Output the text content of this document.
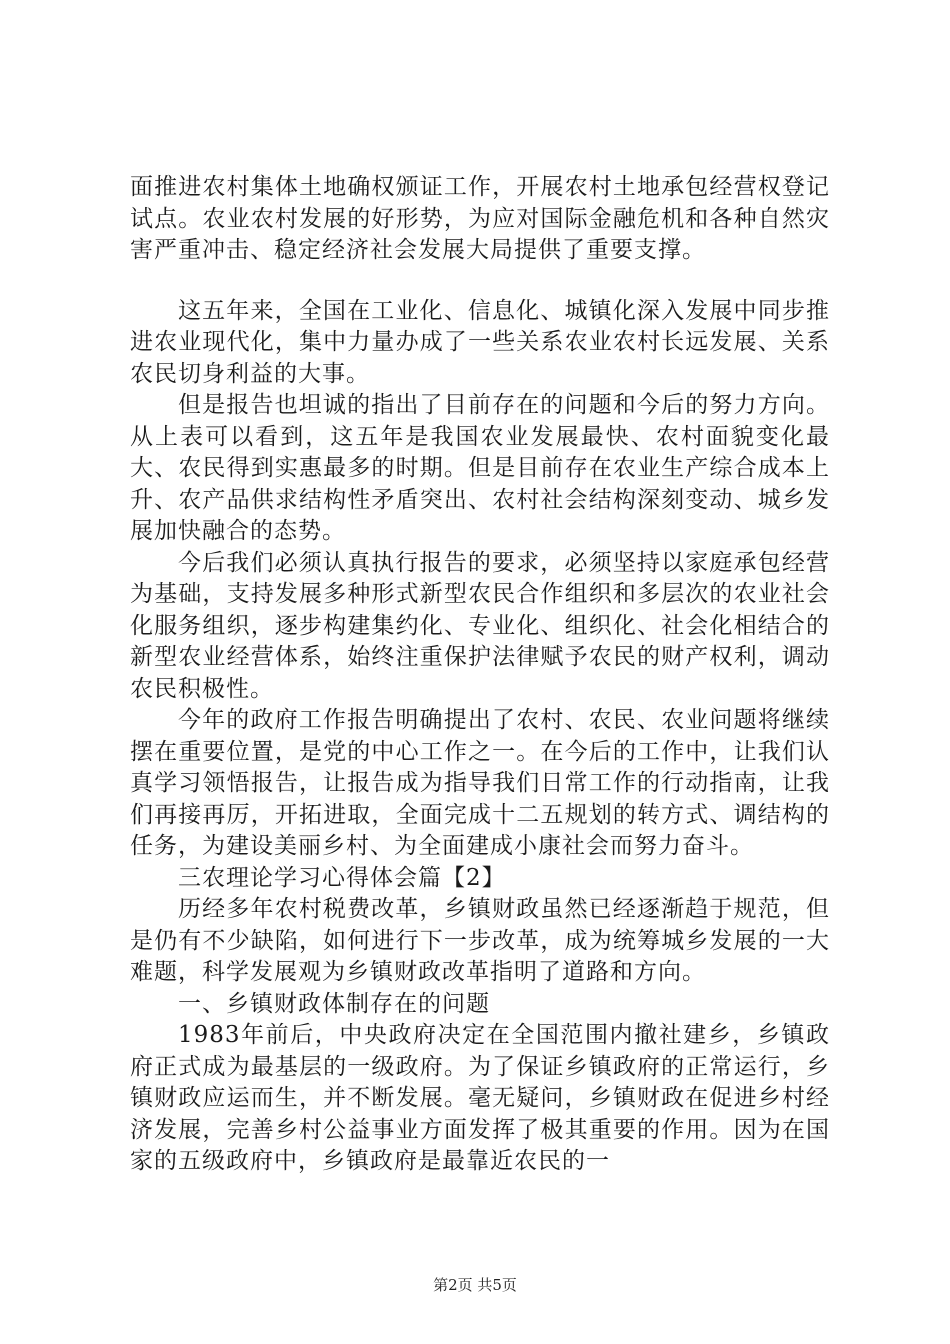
面推进农村集体土地确权颁证工作，开展农村土地承包经营权登记试点。农业农村发展的好形势，为应对国际金融危机和各种自然灾害严重冲击、稳定经济社会发展大局提供了重要支撑。

这五年来，全国在工业化、信息化、城镇化深入发展中同步推进农业现代化，集中力量办成了一些关系农业农村长远发展、关系农民切身利益的大事。

但是报告也坦诚的指出了目前存在的问题和今后的努力方向。从上表可以看到，这五年是我国农业发展最快、农村面貌变化最大、农民得到实惠最多的时期。但是目前存在农业生产综合成本上升、农产品供求结构性矛盾突出、农村社会结构深刻变动、城乡发展加快融合的态势。

今后我们必须认真执行报告的要求，必须坚持以家庭承包经营为基础，支持发展多种形式新型农民合作组织和多层次的农业社会化服务组织，逐步构建集约化、专业化、组织化、社会化相结合的新型农业经营体系，始终注重保护法律赋予农民的财产权利，调动农民积极性。

今年的政府工作报告明确提出了农村、农民、农业问题将继续摆在重要位置，是党的中心工作之一。在今后的工作中，让我们认真学习领悟报告，让报告成为指导我们日常工作的行动指南，让我们再接再厉，开拓进取，全面完成十二五规划的转方式、调结构的任务，为建设美丽乡村、为全面建成小康社会而努力奋斗。

三农理论学习心得体会篇【2】

历经多年农村税费改革，乡镇财政虽然已经逐渐趋于规范，但是仍有不少缺陷，如何进行下一步改革，成为统筹城乡发展的一大难题，科学发展观为乡镇财政改革指明了道路和方向。

一、乡镇财政体制存在的问题

1983年前后，中央政府决定在全国范围内撤社建乡，乡镇政府正式成为最基层的一级政府。为了保证乡镇政府的正常运行，乡镇财政应运而生，并不断发展。毫无疑问，乡镇财政在促进乡村经济发展，完善乡村公益事业方面发挥了极其重要的作用。因为在国家的五级政府中，乡镇政府是最靠近农民的一

第2页 共5页
